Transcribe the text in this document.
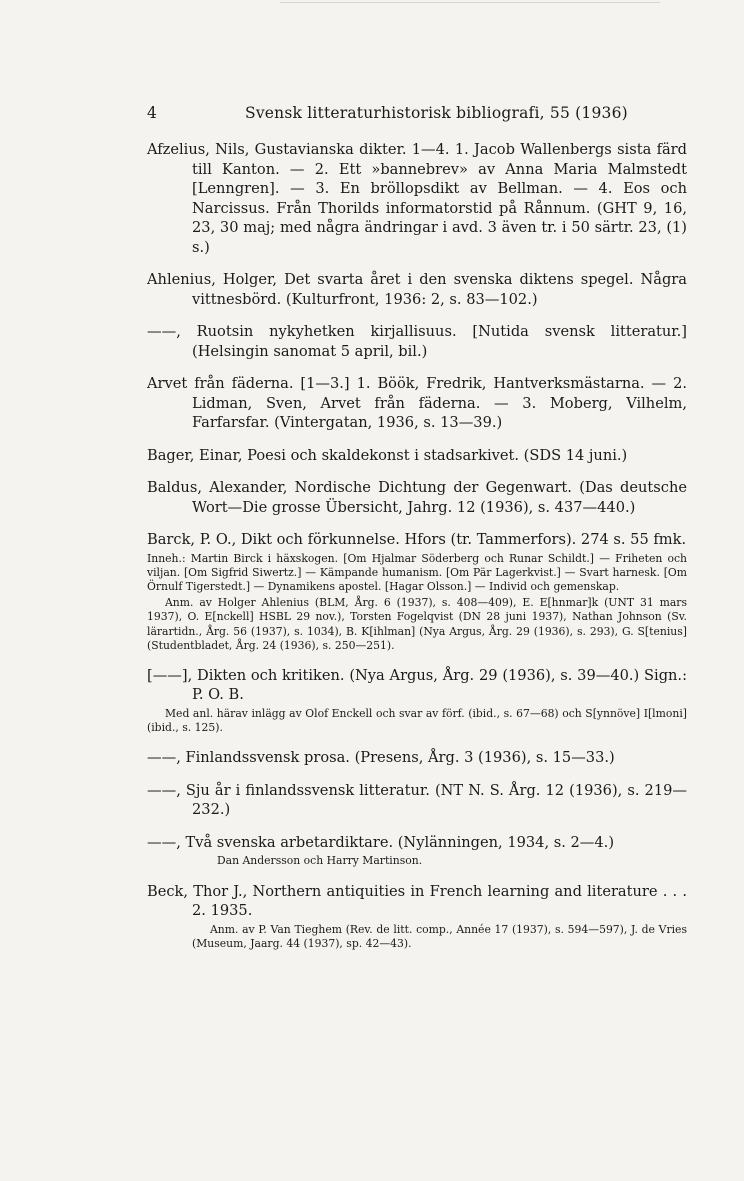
4	Svensk litteraturhistorisk bibliografi, 55 (1936)
Afzelius, Nils, Gustavianska dikter. 1—4. 1. Jacob Wallenbergs sista färd till Kanton. — 2. Ett »bannebrev» av Anna Maria Malmstedt [Lenngren]. — 3. En bröllopsdikt av Bellman. — 4. Eos och Narcissus. Från Thorilds informatorstid på Rånnum. (GHT 9, 16, 23, 30 maj; med några ändringar i avd. 3 även tr. i 50 särtr. 23, (1) s.)
Ahlenius, Holger, Det svarta året i den svenska diktens spegel. Några vittnesbörd. (Kulturfront, 1936: 2, s. 83—102.)
——, Ruotsin nykyhetken kirjallisuus. [Nutida svensk litteratur.] (Helsingin sanomat 5 april, bil.)
Arvet från fäderna. [1—3.] 1. Böök, Fredrik, Hantverksmästarna. — 2. Lidman, Sven, Arvet från fäderna. — 3. Moberg, Vilhelm, Farfarsfar. (Vintergatan, 1936, s. 13—39.)
Bager, Einar, Poesi och skaldekonst i stadsarkivet. (SDS 14 juni.)
Baldus, Alexander, Nordische Dichtung der Gegenwart. (Das deutsche Wort—Die grosse Übersicht, Jahrg. 12 (1936), s. 437—440.)
Barck, P. O., Dikt och förkunnelse. Hfors (tr. Tammerfors). 274 s. 55 fmk.
Inneh.: Martin Birck i häxskogen. [Om Hjalmar Söderberg och Runar Schildt.] — Friheten och viljan. [Om Sigfrid Siwertz.] — Kämpande humanism. [Om Pär Lagerkvist.] — Svart harnesk. [Om Örnulf Tigerstedt.] — Dynamikens apostel. [Hagar Olsson.] — Individ och gemenskap.
Anm. av Holger Ahlenius (BLM, Årg. 6 (1937), s. 408—409), E. E[hnmar]k (UNT 31 mars 1937), O. E[nckell] HSBL 29 nov.), Torsten Fogelqvist (DN 28 juni 1937), Nathan Johnson (Sv. lärartidn., Årg. 56 (1937), s. 1034), B. K[ihlman] (Nya Argus, Årg. 29 (1936), s. 293), G. S[tenius] (Studentbladet, Årg. 24 (1936), s. 250—251).
[——], Dikten och kritiken. (Nya Argus, Årg. 29 (1936), s. 39—40.) Sign.: P. O. B.
Med anl. härav inlägg av Olof Enckell och svar av förf. (ibid., s. 67—68) och S[ynnöve] I[lmoni] (ibid., s. 125).
——, Finlandssvensk prosa. (Presens, Årg. 3 (1936), s. 15—33.)
——, Sju år i finlandssvensk litteratur. (NT N. S. Årg. 12 (1936), s. 219—232.)
——, Två svenska arbetardiktare. (Nylänningen, 1934, s. 2—4.)
Dan Andersson och Harry Martinson.
Beck, Thor J., Northern antiquities in French learning and literature . . . 2. 1935.
Anm. av P. Van Tieghem (Rev. de litt. comp., Année 17 (1937), s. 594—597), J. de Vries (Museum, Jaarg. 44 (1937), sp. 42—43).
